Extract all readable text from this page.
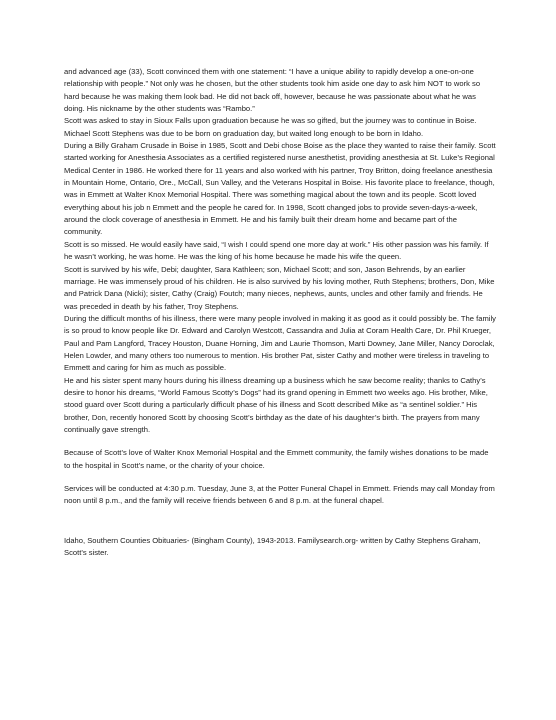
and advanced age (33), Scott convinced them with one statement: “I have a unique ability to rapidly develop a one-on-one relationship with people.” Not only was he chosen, but the other students took him aside one day to ask him NOT to work so hard because he was making them look bad. He did not back off, however, because he was passionate about what he was doing. His nickname by the other students was “Rambo.”

Scott was asked to stay in Sioux Falls upon graduation because he was so gifted, but the journey was to continue in Boise. Michael Scott Stephens was due to be born on graduation day, but waited long enough to be born in Idaho.

During a Billy Graham Crusade in Boise in 1985, Scott and Debi chose Boise as the place they wanted to raise their family. Scott started working for Anesthesia Associates as a certified registered nurse anesthetist, providing anesthesia at St. Luke’s Regional Medical Center in 1986. He worked there for 11 years and also worked with his partner, Troy Britton, doing freelance anesthesia in Mountain Home, Ontario, Ore., McCall, Sun Valley, and the Veterans Hospital in Boise. His favorite place to freelance, though, was in Emmett at Walter Knox Memorial Hospital. There was something magical about the town and its people. Scott loved everything about his job n Emmett and the people he cared for. In 1998, Scott changed jobs to provide seven-days-a-week, around the clock coverage of anesthesia in Emmett. He and his family built their dream home and became part of the community.

Scott is so missed. He would easily have said, “I wish I could spend one more day at work.” His other passion was his family. If he wasn’t working, he was home. He was the king of his home because he made his wife the queen.

Scott is survived by his wife, Debi; daughter, Sara Kathleen; son, Michael Scott; and son, Jason Behrends, by an earlier marriage. He was immensely proud of his children. He is also survived by his loving mother, Ruth Stephens; brothers, Don, Mike and Patrick Dana (Nicki); sister, Cathy (Craig) Foutch; many nieces, nephews, aunts, uncles and other family and friends. He was preceded in death by his father, Troy Stephens.

During the difficult months of his illness, there were many people involved in making it as good as it could possibly be. The family is so proud to know people like Dr. Edward and Carolyn Westcott, Cassandra and Julia at Coram Health Care, Dr. Phil Krueger, Paul and Pam Langford, Tracey Houston, Duane Horning, Jim and Laurie Thomson, Marti Downey, Jane Miller, Nancy Doroclak, Helen Lowder, and many others too numerous to mention. His brother Pat, sister Cathy and mother were tireless in traveling to Emmett and caring for him as much as possible.

He and his sister spent many hours during his illness dreaming up a business which he saw become reality; thanks to Cathy’s desire to honor his dreams, “World Famous Scotty’s Dogs” had its grand opening in Emmett two weeks ago. His brother, Mike, stood guard over Scott during a particularly difficult phase of his illness and Scott described Mike as “a sentinel soldier.” His brother, Don, recently honored Scott by choosing Scott’s birthday as the date of his daughter’s birth. The prayers from many continually gave strength.

Because of Scott’s love of Walter Knox Memorial Hospital and the Emmett community, the family wishes donations to be made to the hospital in Scott’s name, or the charity of your choice.

Services will be conducted at 4:30 p.m. Tuesday, June 3, at the Potter Funeral Chapel in Emmett. Friends may call Monday from noon until 8 p.m., and the family will receive friends between 6 and 8 p.m. at the funeral chapel.

Idaho, Southern Counties Obituaries- (Bingham County), 1943-2013. Familysearch.org- written by Cathy Stephens Graham, Scott’s sister.
